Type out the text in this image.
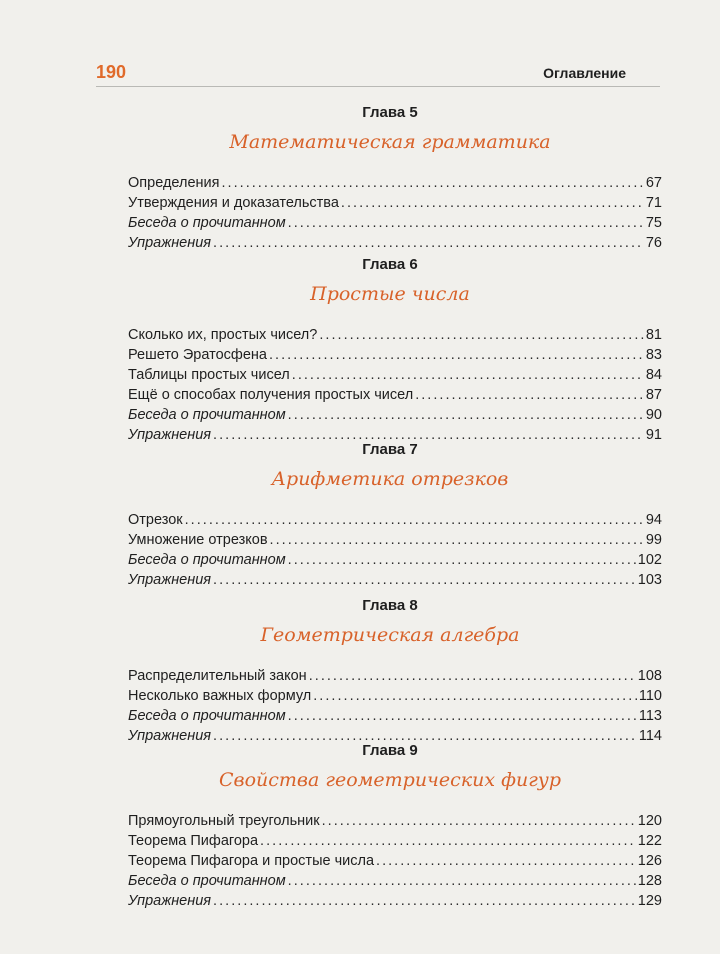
190	Оглавление
Глава 5
Математическая грамматика
Определения . . .	67
Утверждения и доказательства . . .	71
Беседа о прочитанном . . .	75
Упражнения . . .	76
Глава 6
Простые числа
Сколько их, простых чисел? . . .	81
Решето Эратосфена . . .	83
Таблицы простых чисел . . .	84
Ещё о способах получения простых чисел . . .	87
Беседа о прочитанном . . .	90
Упражнения . . .	91
Глава 7
Арифметика отрезков
Отрезок . . .	94
Умножение отрезков . . .	99
Беседа о прочитанном . . .	102
Упражнения . . .	103
Глава 8
Геометрическая алгебра
Распределительный закон . . .	108
Несколько важных формул . . .	110
Беседа о прочитанном . . .	113
Упражнения . . .	114
Глава 9
Свойства геометрических фигур
Прямоугольный треугольник . . .	120
Теорема Пифагора . . .	122
Теорема Пифагора и простые числа . . .	126
Беседа о прочитанном . . .	128
Упражнения . . .	129
